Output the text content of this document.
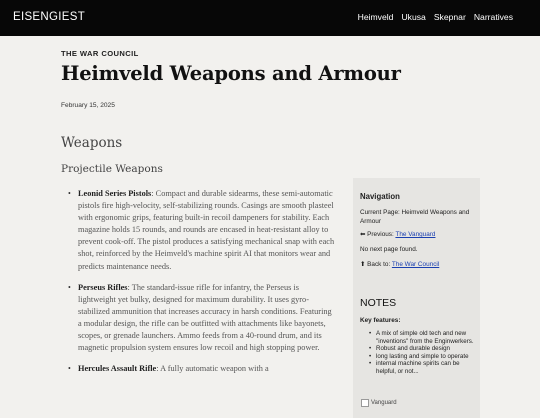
EISENGIEST	Heimveld Ukusa Skepnar Narratives
THE WAR COUNCIL
Heimveld Weapons and Armour
February 15, 2025
Weapons
Projectile Weapons
• Leonid Series Pistols: Compact and durable sidearms, these semi-automatic pistols fire high-velocity, self-stabilizing rounds. Casings are smooth plasteel with ergonomic grips, featuring built-in recoil dampeners for stability. Each magazine holds 15 rounds, and rounds are encased in heat-resistant alloy to prevent cook-off. The pistol produces a satisfying mechanical snap with each shot, reinforced by the Heimveld's machine spirit AI that monitors wear and predicts maintenance needs.
• Perseus Rifles: The standard-issue rifle for infantry, the Perseus is lightweight yet bulky, designed for maximum durability. It uses gyro-stabilized ammunition that increases accuracy in harsh conditions. Featuring a modular design, the rifle can be outfitted with attachments like bayonets, scopes, or grenade launchers. Ammo feeds from a 40-round drum, and its magnetic propulsion system ensures low recoil and high stopping power.
• Hercules Assault Rifle: A fully automatic weapon with a
Navigation
Current Page: Heimveld Weapons and Armour
⬅ Previous: The Vanguard
No next page found.
⬆ Back to: The War Council
NOTES
Key features:
• A mix of simple old tech and new "inventions" from the Enginwerkers.
• Robust and durable design
• long lasting and simple to operate
• internal machine spirits can be helpful, or not...
Vanguard
